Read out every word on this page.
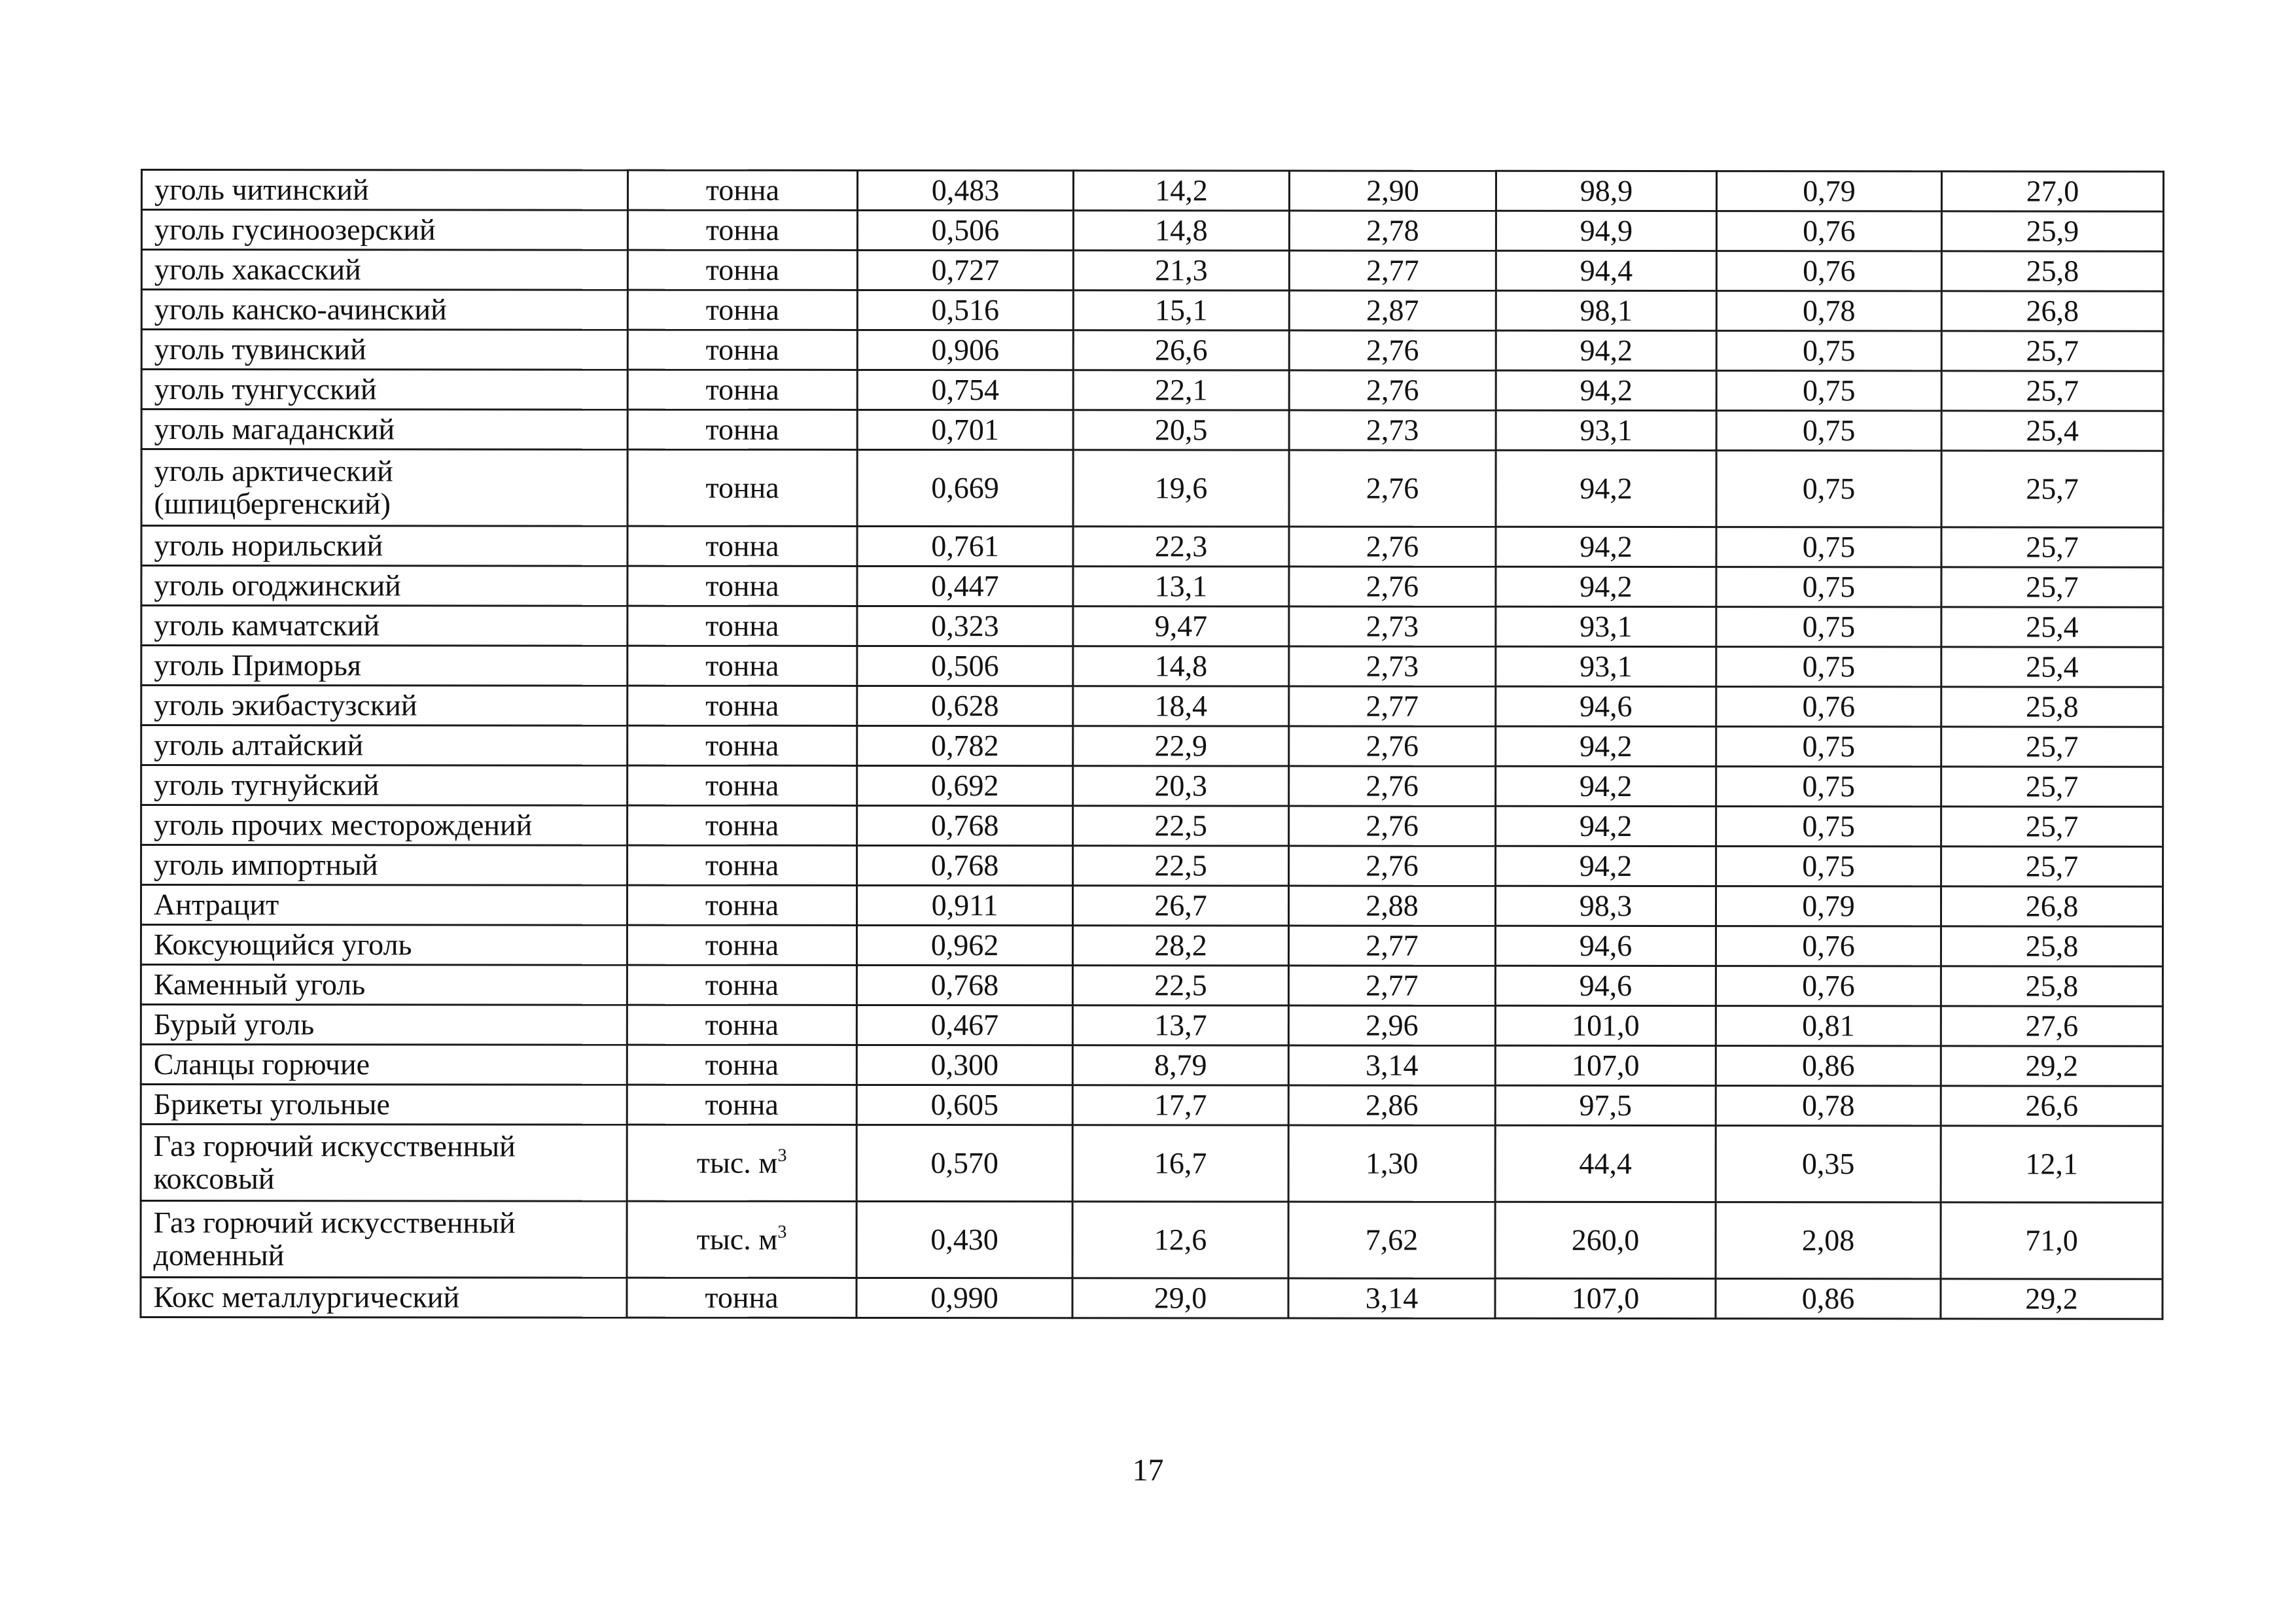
уголь читинский	тонна	0,483	14,2	2,90	98,9	0,79	27,0
уголь гусиноозерский	тонна	0,506	14,8	2,78	94,9	0,76	25,9
уголь хакасский	тонна	0,727	21,3	2,77	94,4	0,76	25,8
уголь канско-ачинский	тонна	0,516	15,1	2,87	98,1	0,78	26,8
уголь тувинский	тонна	0,906	26,6	2,76	94,2	0,75	25,7
уголь тунгусский	тонна	0,754	22,1	2,76	94,2	0,75	25,7
уголь магаданский	тонна	0,701	20,5	2,73	93,1	0,75	25,4
уголь арктический (шпицбергенский)	тонна	0,669	19,6	2,76	94,2	0,75	25,7
уголь норильский	тонна	0,761	22,3	2,76	94,2	0,75	25,7
уголь огоджинский	тонна	0,447	13,1	2,76	94,2	0,75	25,7
уголь камчатский	тонна	0,323	9,47	2,73	93,1	0,75	25,4
уголь Приморья	тонна	0,506	14,8	2,73	93,1	0,75	25,4
уголь экибастузский	тонна	0,628	18,4	2,77	94,6	0,76	25,8
уголь алтайский	тонна	0,782	22,9	2,76	94,2	0,75	25,7
уголь тугнуйский	тонна	0,692	20,3	2,76	94,2	0,75	25,7
уголь прочих месторождений	тонна	0,768	22,5	2,76	94,2	0,75	25,7
уголь импортный	тонна	0,768	22,5	2,76	94,2	0,75	25,7
Антрацит	тонна	0,911	26,7	2,88	98,3	0,79	26,8
Коксующийся уголь	тонна	0,962	28,2	2,77	94,6	0,76	25,8
Каменный уголь	тонна	0,768	22,5	2,77	94,6	0,76	25,8
Бурый уголь	тонна	0,467	13,7	2,96	101,0	0,81	27,6
Сланцы горючие	тонна	0,300	8,79	3,14	107,0	0,86	29,2
Брикеты угольные	тонна	0,605	17,7	2,86	97,5	0,78	26,6
Газ горючий искусственный коксовый	тыс. $м^3$	0,570	16,7	1,30	44,4	0,35	12,1
Газ горючий искусственный доменный	тыс. $м^3$	0,430	12,6	7,62	260,0	2,08	71,0
Кокс металлургический	тонна	0,990	29,0	3,14	107,0	0,86	29,2
17
